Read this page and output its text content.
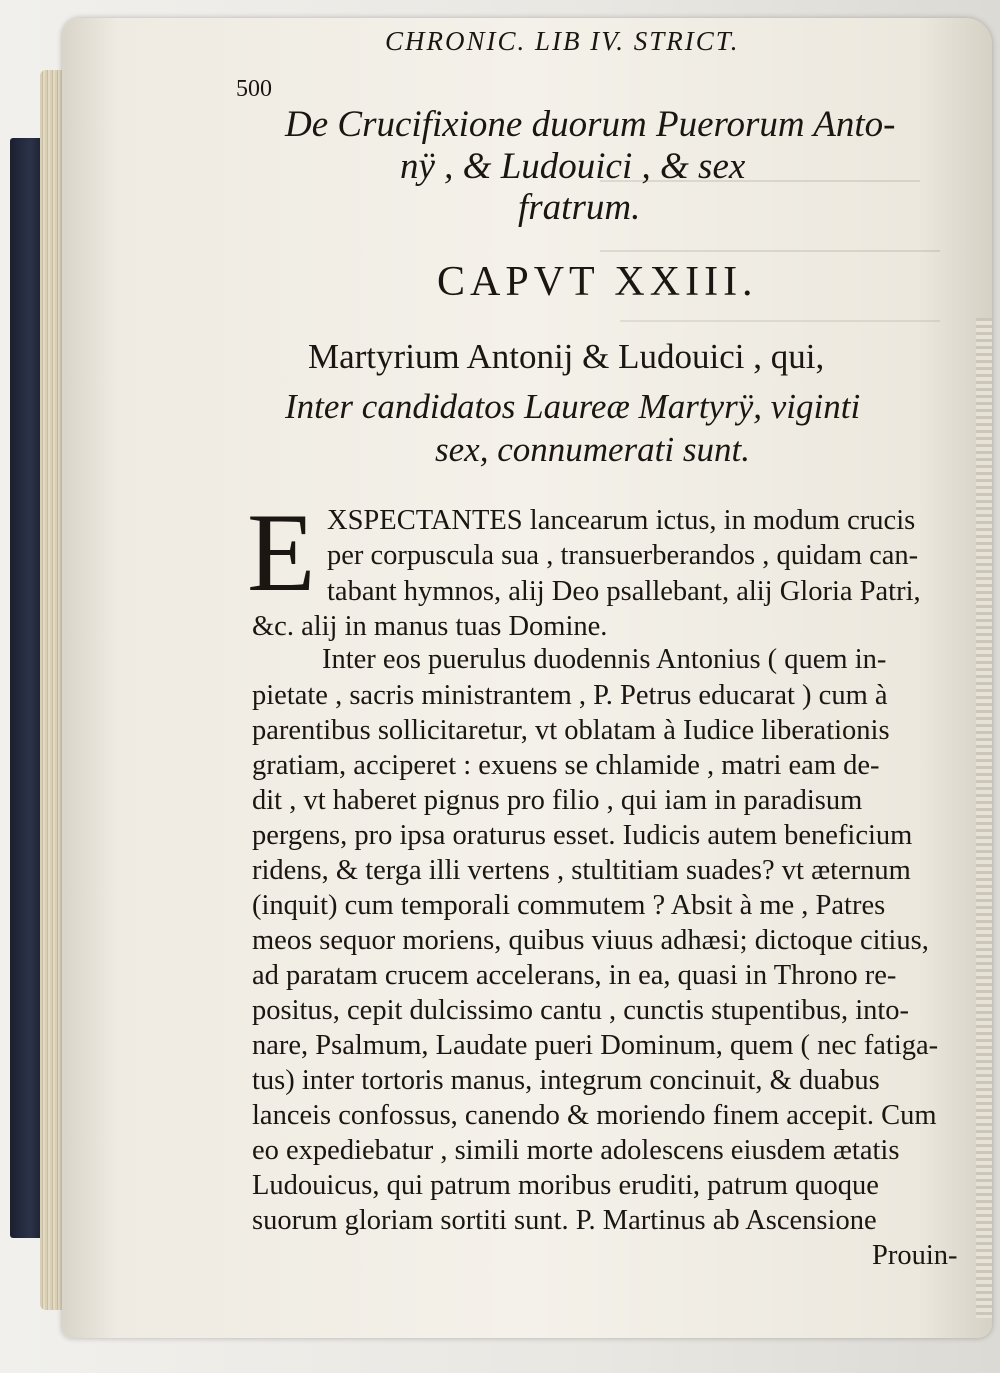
CHRONIC. LIB IV. STRICT.
500
De Crucifixione duorum Puerorum Anto-
nÿ , & Ludouici , & sex
fratrum.
CAPVT XXIII.
Martyrium Antonij & Ludouici , qui,
Inter candidatos Laureæ Martyrÿ, viginti
sex, connumerati sunt.
E XSPECTANTES lancearum ictus, in modum crucis
per corpuscula sua , transuerberandos , quidam can-
tabant hymnos, alij Deo psallebant, alij Gloria Patri,
&c. alij in manus tuas Domine.
Inter eos puerulus duodennis Antonius ( quem in-
pietate , sacris ministrantem , P. Petrus educarat ) cum à
parentibus sollicitaretur, vt oblatam à Iudice liberationis
gratiam, acciperet : exuens se chlamide , matri eam de-
dit , vt haberet pignus pro filio , qui iam in paradisum
pergens, pro ipsa oraturus esset. Iudicis autem beneficium
ridens, & terga illi vertens , stultitiam suades? vt æternum
(inquit) cum temporali commutem ? Absit à me , Patres
meos sequor moriens, quibus viuus adhæsi; dictoque citius,
ad paratam crucem accelerans, in ea, quasi in Throno re-
positus, cepit dulcissimo cantu , cunctis stupentibus, into-
nare, Psalmum, Laudate pueri Dominum, quem ( nec fatiga-
tus) inter tortoris manus, integrum concinuit, & duabus
lanceis confossus, canendo & moriendo finem accepit. Cum
eo expediebatur , simili morte adolescens eiusdem ætatis
Ludouicus, qui patrum moribus eruditi, patrum quoque
suorum gloriam sortiti sunt. P. Martinus ab Ascensione
Prouin-
